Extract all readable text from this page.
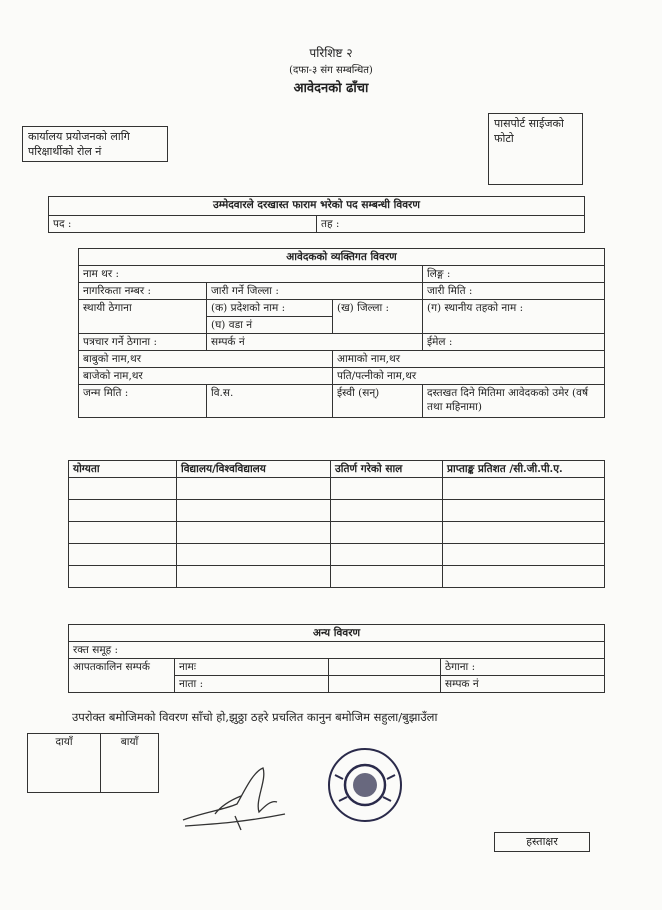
परिशिष्ट २
(दफा-३ संग सम्बन्धित)
आवेदनको ढाँचा
कार्यालय प्रयोजनको लागि
परिक्षार्थीको रोल नं
पासपोर्ट साईजको
फोटो
उम्मेदवारले दरखास्त फाराम भरेको पद सम्बन्धी विवरण
पद :	तह :
आवेदकको व्यक्तिगत विवरण			
नाम थर :			लिङ्ग :
नागरिकता नम्बर :	जारी गर्ने जिल्ला :		जारी मिति :
स्थायी ठेगाना	(क) प्रदेशको नाम :	(ख) जिल्ला :	(ग) स्थानीय तहको नाम :
	(घ) वडा नं		
पत्रचार गर्ने ठेगाना :	सम्पर्क नं		ईमेल :
बाबुको नाम,थर		आमाको नाम,थर	
बाजेको नाम,थर		पति/पत्नीको नाम,थर	
जन्म मिति :	वि.स.	ईस्वी (सन्)	दस्तखत दिने मितिमा आवेदकको उमेर (वर्ष तथा महिनामा)
योग्यता	विद्यालय/विश्वविद्यालय	उतिर्ण गरेको साल	प्राप्ताङ्क प्रतिशत /सी.जी.पी.ए.

अन्य विवरण			
रक्त समूह :			
आपतकालिन सम्पर्क	नामः		ठेगाना :
	नाता :		सम्पक नं
उपरोक्त बमोजिमको विवरण साँचो हो,झुठ्ठा ठहरे प्रचलित कानुन बमोजिम सहुला/बुझाउँला
दायाँ	बायाँ
हस्ताक्षर
